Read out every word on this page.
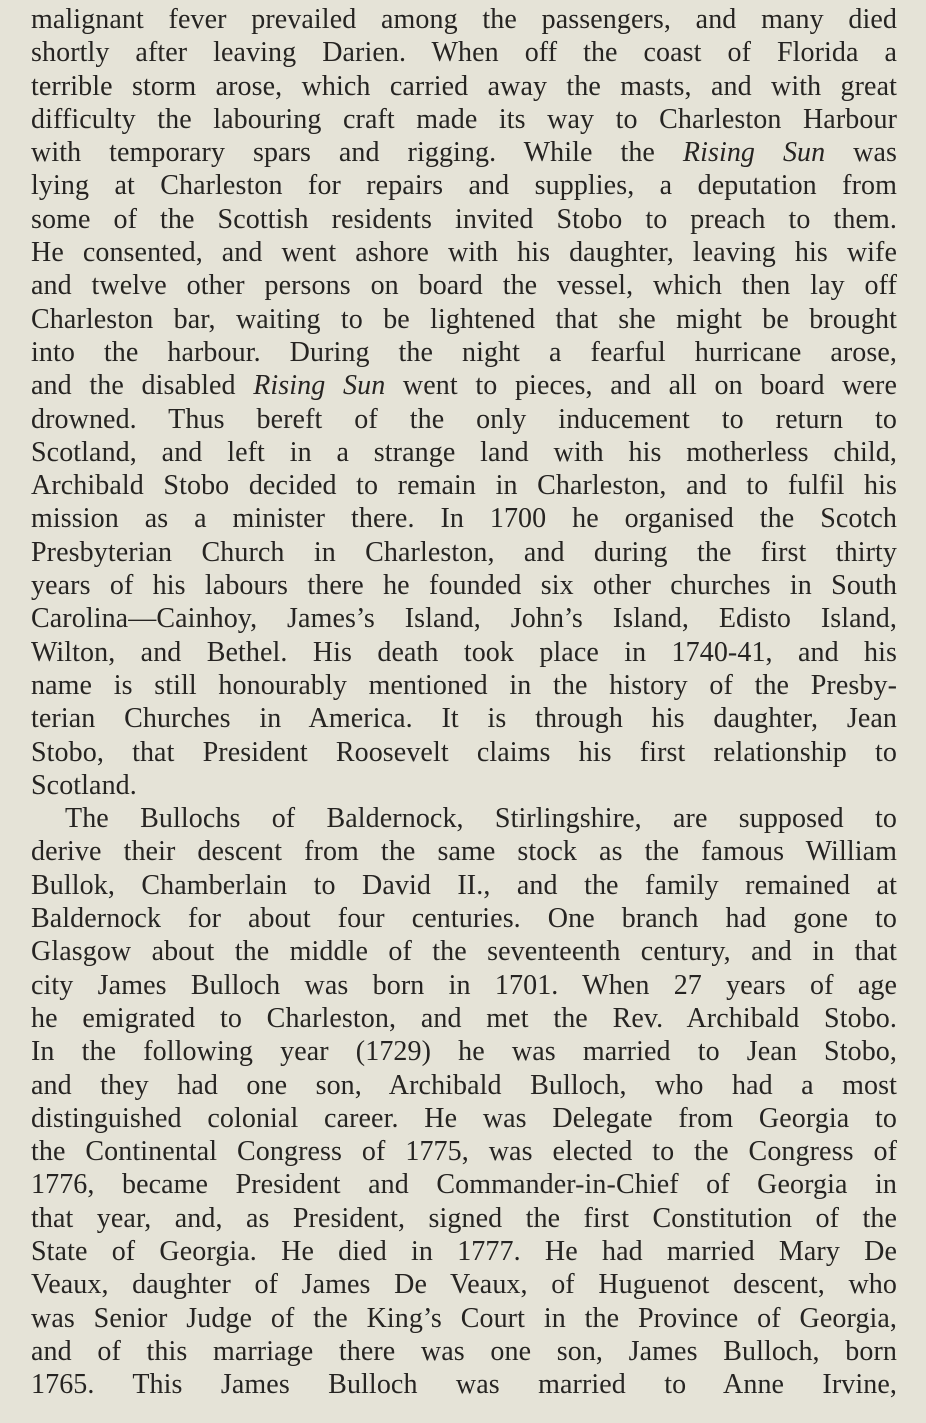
malignant fever prevailed among the passengers, and many died
shortly after leaving Darien. When off the coast of Florida a
terrible storm arose, which carried away the masts, and with great
difficulty the labouring craft made its way to Charleston Harbour
with temporary spars and rigging. While the Rising Sun was
lying at Charleston for repairs and supplies, a deputation from
some of the Scottish residents invited Stobo to preach to them.
He consented, and went ashore with his daughter, leaving his wife
and twelve other persons on board the vessel, which then lay off
Charleston bar, waiting to be lightened that she might be brought
into the harbour. During the night a fearful hurricane arose,
and the disabled Rising Sun went to pieces, and all on board were
drowned. Thus bereft of the only inducement to return to
Scotland, and left in a strange land with his motherless child,
Archibald Stobo decided to remain in Charleston, and to fulfil his
mission as a minister there. In 1700 he organised the Scotch
Presbyterian Church in Charleston, and during the first thirty
years of his labours there he founded six other churches in South
Carolina—Cainhoy, James’s Island, John’s Island, Edisto Island,
Wilton, and Bethel. His death took place in 1740-41, and his
name is still honourably mentioned in the history of the Presby-
terian Churches in America. It is through his daughter, Jean
Stobo, that President Roosevelt claims his first relationship to
Scotland.
The Bullochs of Baldernock, Stirlingshire, are supposed to
derive their descent from the same stock as the famous William
Bullok, Chamberlain to David II., and the family remained at
Baldernock for about four centuries. One branch had gone to
Glasgow about the middle of the seventeenth century, and in that
city James Bulloch was born in 1701. When 27 years of age
he emigrated to Charleston, and met the Rev. Archibald Stobo.
In the following year (1729) he was married to Jean Stobo,
and they had one son, Archibald Bulloch, who had a most
distinguished colonial career. He was Delegate from Georgia to
the Continental Congress of 1775, was elected to the Congress of
1776, became President and Commander-in-Chief of Georgia in
that year, and, as President, signed the first Constitution of the
State of Georgia. He died in 1777. He had married Mary De
Veaux, daughter of James De Veaux, of Huguenot descent, who
was Senior Judge of the King’s Court in the Province of Georgia,
and of this marriage there was one son, James Bulloch, born
1765. This James Bulloch was married to Anne Irvine,
